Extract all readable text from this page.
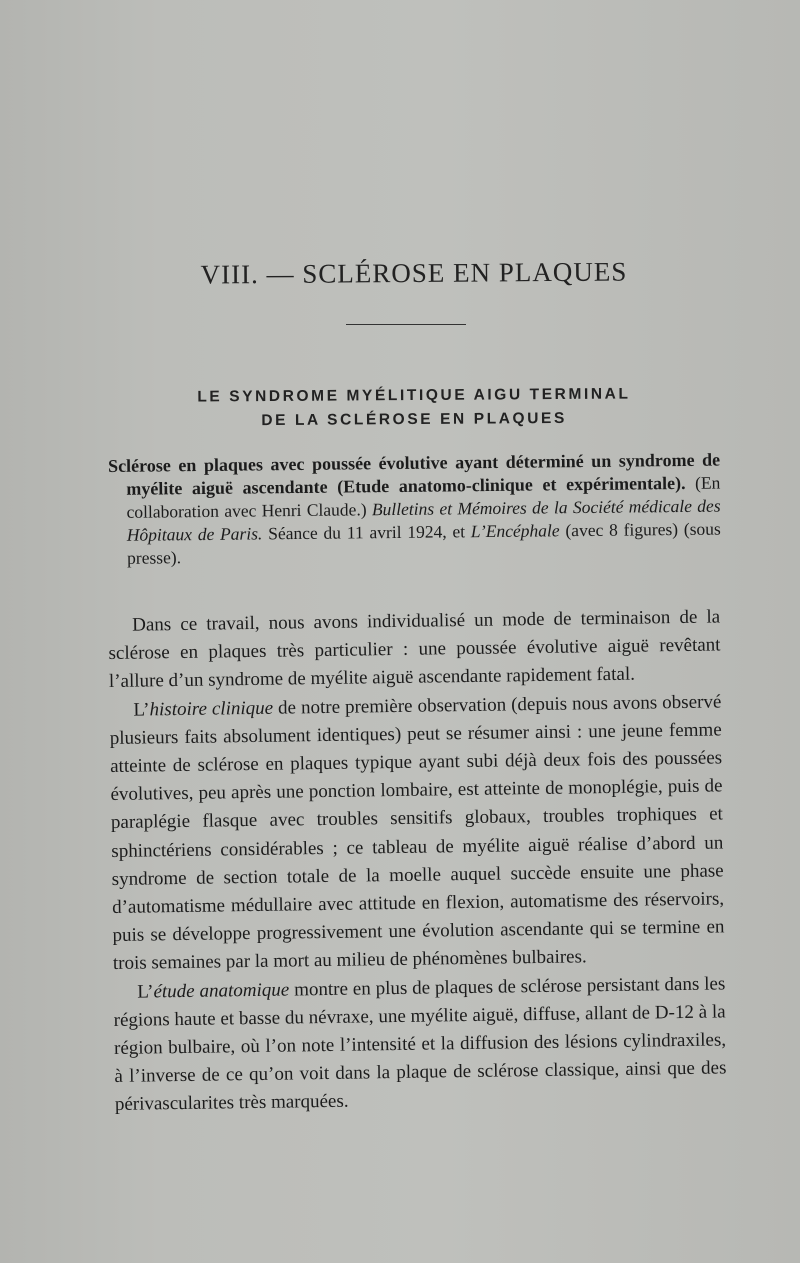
VIII. — SCLÉROSE EN PLAQUES
LE SYNDROME MYÉLITIQUE AIGU TERMINAL
DE LA SCLÉROSE EN PLAQUES
Sclérose en plaques avec poussée évolutive ayant déterminé un syndrome de myélite aiguë ascendante (Etude anatomo-clinique et expérimentale). (En collaboration avec Henri Claude.) Bulletins et Mémoires de la Société médicale des Hôpitaux de Paris. Séance du 11 avril 1924, et L’Encéphale (avec 8 figures) (sous presse).

Dans ce travail, nous avons individualisé un mode de terminaison de la sclérose en plaques très particulier : une poussée évolutive aiguë revêtant l’allure d’un syndrome de myélite aiguë ascendante rapidement fatal.

L’histoire clinique de notre première observation (depuis nous avons observé plusieurs faits absolument identiques) peut se résumer ainsi : une jeune femme atteinte de sclérose en plaques typique ayant subi déjà deux fois des poussées évolutives, peu après une ponction lombaire, est atteinte de monoplégie, puis de paraplégie flasque avec troubles sensitifs globaux, troubles trophiques et sphinctériens considérables ; ce tableau de myélite aiguë réalise d’abord un syndrome de section totale de la moelle auquel succède ensuite une phase d’automatisme médullaire avec attitude en flexion, automatisme des réservoirs, puis se développe progressivement une évolution ascendante qui se termine en trois semaines par la mort au milieu de phénomènes bulbaires.

L’étude anatomique montre en plus de plaques de sclérose persistant dans les régions haute et basse du névraxe, une myélite aiguë, diffuse, allant de D-12 à la région bulbaire, où l’on note l’intensité et la diffusion des lésions cylindraxiles, à l’inverse de ce qu’on voit dans la plaque de sclérose classique, ainsi que des périvascularites très marquées.
